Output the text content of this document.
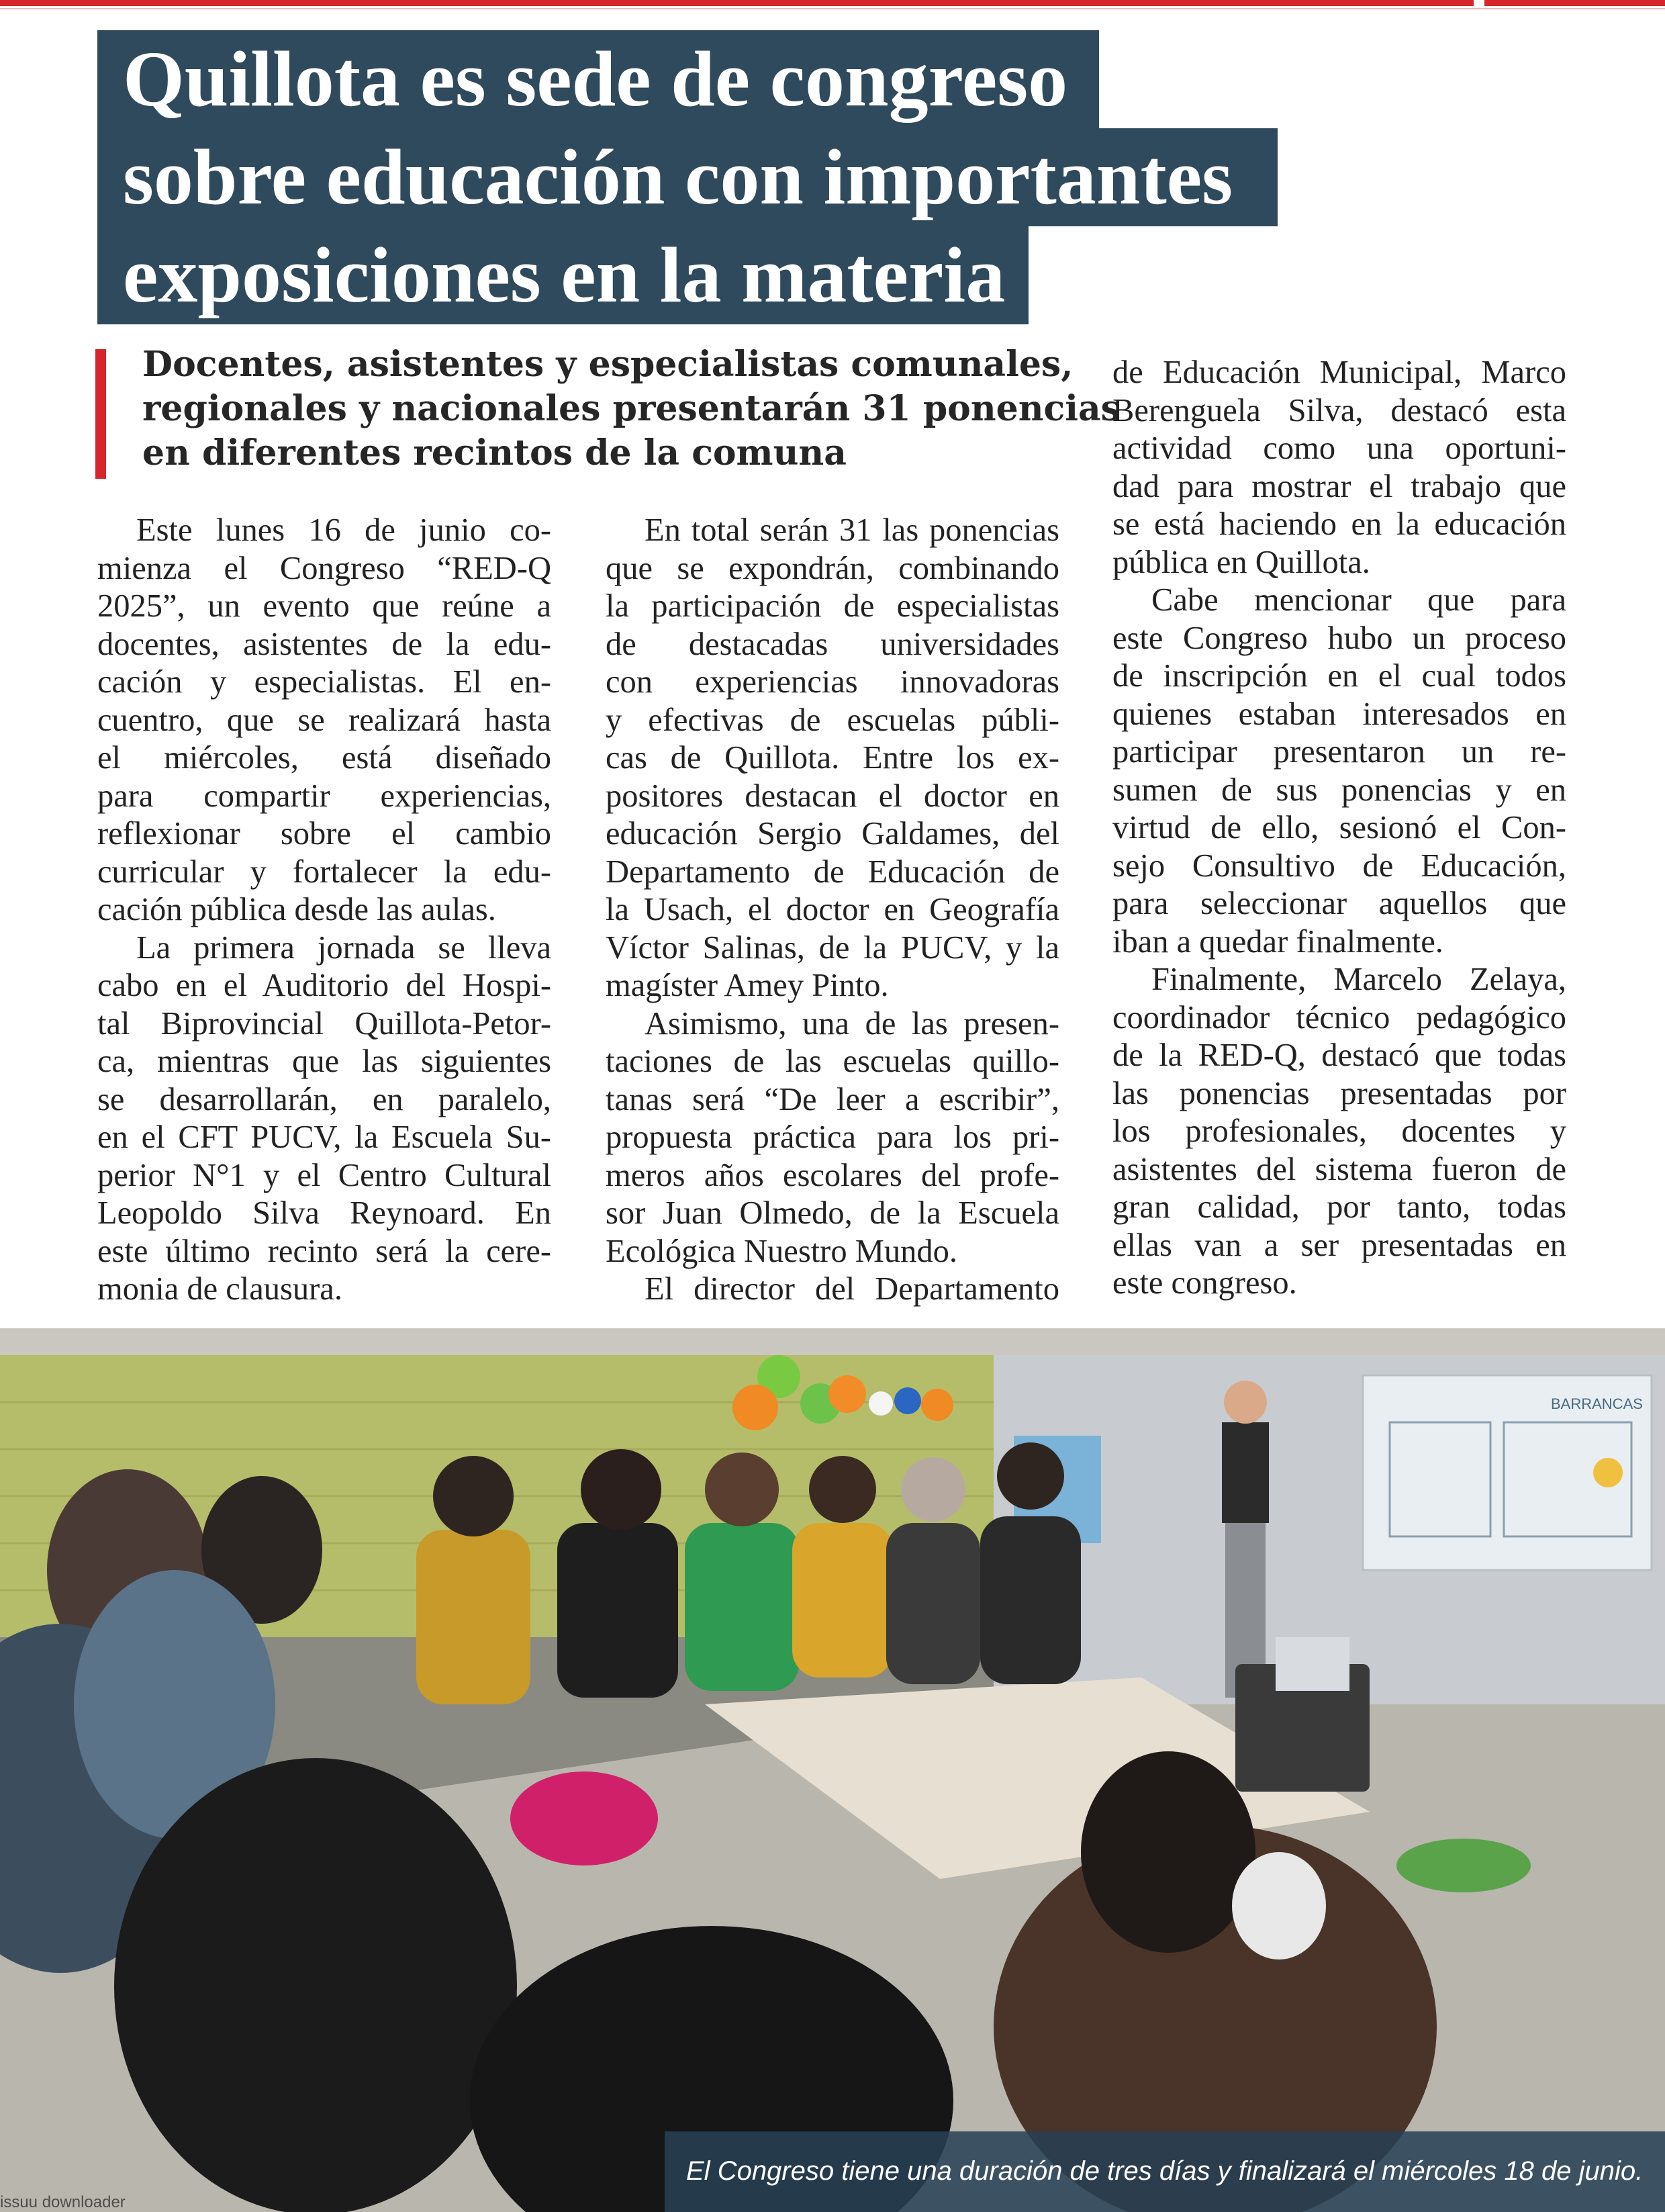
Quillota es sede de congreso
sobre educación con importantes
exposiciones en la materia
Docentes, asistentes y especialistas comunales,
regionales y nacionales presentarán 31 ponencias
en diferentes recintos de la comuna
Este lunes 16 de junio co-
mienza el Congreso “RED-Q
2025”, un evento que reúne a
docentes, asistentes de la edu-
cación y especialistas. El en-
cuentro, que se realizará hasta
el miércoles, está diseñado
para compartir experiencias,
reflexionar sobre el cambio
curricular y fortalecer la edu-
cación pública desde las aulas.
La primera jornada se lleva
cabo en el Auditorio del Hospi-
tal Biprovincial Quillota-Petor-
ca, mientras que las siguientes
se desarrollarán, en paralelo,
en el CFT PUCV, la Escuela Su-
perior N°1 y el Centro Cultural
Leopoldo Silva Reynoard. En
este último recinto será la cere-
monia de clausura.
En total serán 31 las ponencias
que se expondrán, combinando
la participación de especialistas
de destacadas universidades
con experiencias innovadoras
y efectivas de escuelas públi-
cas de Quillota. Entre los ex-
positores destacan el doctor en
educación Sergio Galdames, del
Departamento de Educación de
la Usach, el doctor en Geografía
Víctor Salinas, de la PUCV, y la
magíster Amey Pinto.
Asimismo, una de las presen-
taciones de las escuelas quillo-
tanas será “De leer a escribir”,
propuesta práctica para los pri-
meros años escolares del profe-
sor Juan Olmedo, de la Escuela
Ecológica Nuestro Mundo.
El director del Departamento
de Educación Municipal, Marco
Berenguela Silva, destacó esta
actividad como una oportuni-
dad para mostrar el trabajo que
se está haciendo en la educación
pública en Quillota.
Cabe mencionar que para
este Congreso hubo un proceso
de inscripción en el cual todos
quienes estaban interesados en
participar presentaron un re-
sumen de sus ponencias y en
virtud de ello, sesionó el Con-
sejo Consultivo de Educación,
para seleccionar aquellos que
iban a quedar finalmente.
Finalmente, Marcelo Zelaya,
coordinador técnico pedagógico
de la RED-Q, destacó que todas
las ponencias presentadas por
los profesionales, docentes y
asistentes del sistema fueron de
gran calidad, por tanto, todas
ellas van a ser presentadas en
este congreso.
BARRANCAS
El Congreso tiene una duración de tres días y finalizará el miércoles 18 de junio.
issuu downloader
